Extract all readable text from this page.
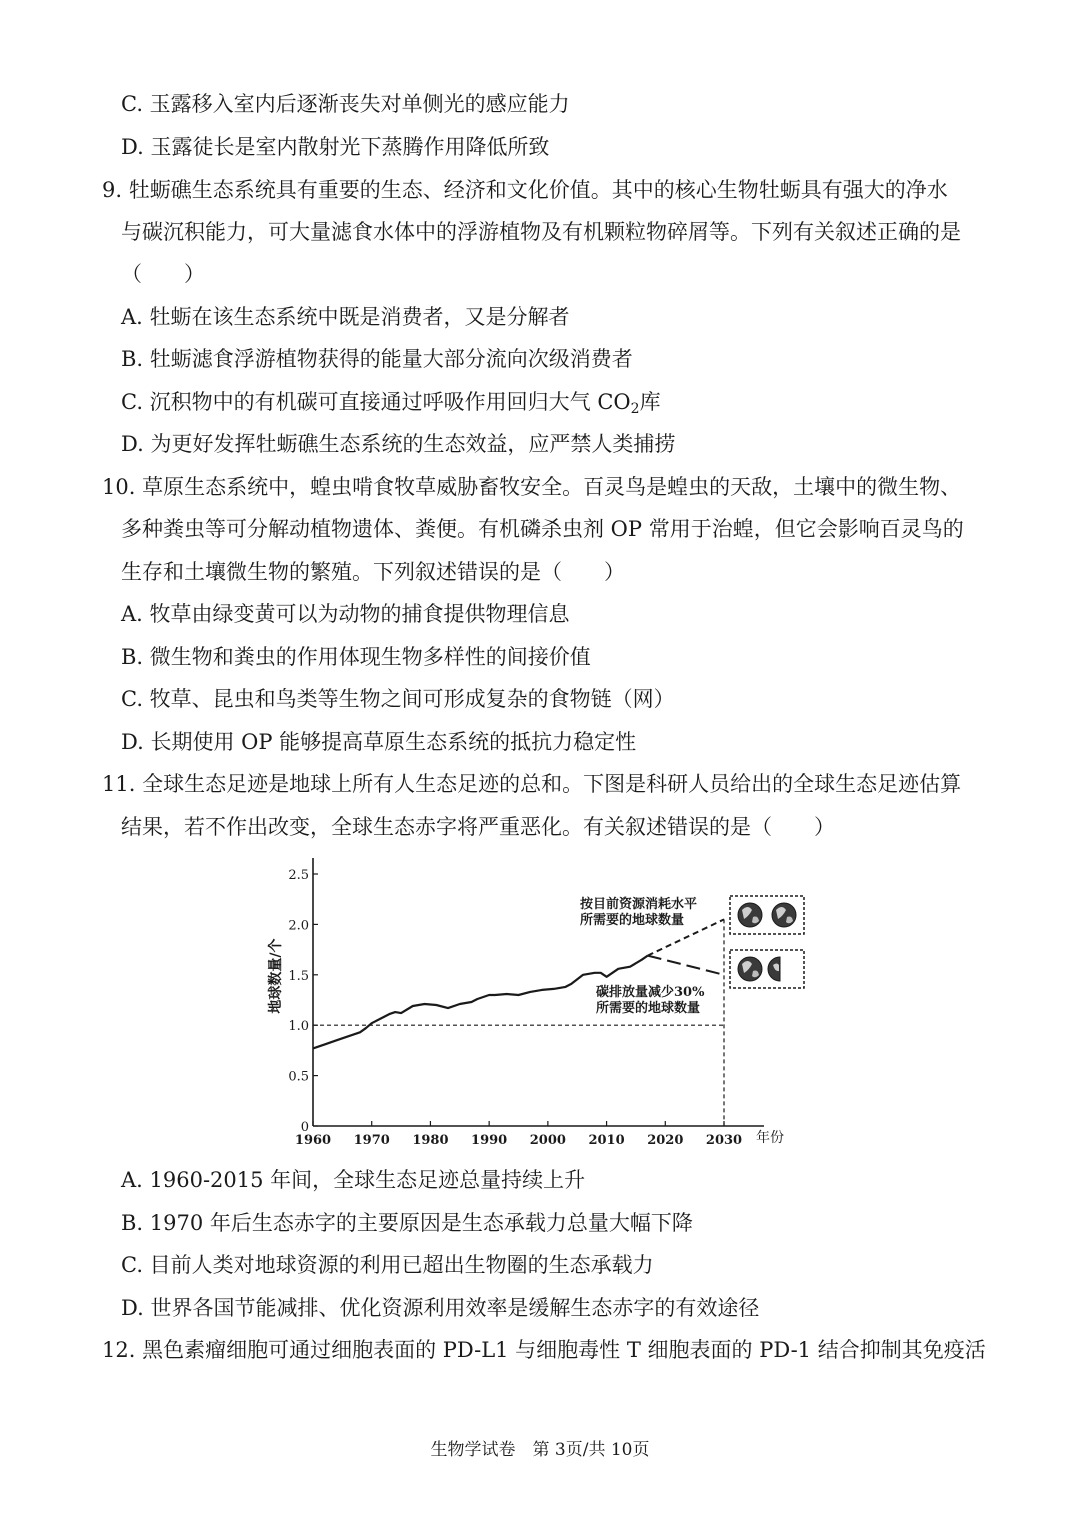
C. 玉露移入室内后逐渐丧失对单侧光的感应能力
D. 玉露徒长是室内散射光下蒸腾作用降低所致
9. 牡蛎礁生态系统具有重要的生态、经济和文化价值。其中的核心生物牡蛎具有强大的净水
与碳沉积能力，可大量滤食水体中的浮游植物及有机颗粒物碎屑等。下列有关叙述正确的是
（　　）
A. 牡蛎在该生态系统中既是消费者，又是分解者
B. 牡蛎滤食浮游植物获得的能量大部分流向次级消费者
C. 沉积物中的有机碳可直接通过呼吸作用回归大气 $CO_2$库
D. 为更好发挥牡蛎礁生态系统的生态效益，应严禁人类捕捞
10. 草原生态系统中，蝗虫啃食牧草威胁畜牧安全。百灵鸟是蝗虫的天敌，土壤中的微生物、
多种粪虫等可分解动植物遗体、粪便。有机磷杀虫剂 OP 常用于治蝗，但它会影响百灵鸟的
生存和土壤微生物的繁殖。下列叙述错误的是（　　）
A. 牧草由绿变黄可以为动物的捕食提供物理信息
B. 微生物和粪虫的作用体现生物多样性的间接价值
C. 牧草、昆虫和鸟类等生物之间可形成复杂的食物链（网）
D. 长期使用 OP 能够提高草原生态系统的抵抗力稳定性
11. 全球生态足迹是地球上所有人生态足迹的总和。下图是科研人员给出的全球生态足迹估算
结果，若不作出改变，全球生态赤字将严重恶化。有关叙述错误的是（　　）
0
0.5
1.0
1.5
2.0
2.5
1960 1970 1980 1990 2000 2010 2020 2030 年份
地球数量/个
按目前资源消耗水平
所需要的地球数量
碳排放量减少30%
所需要的地球数量
A. 1960-2015 年间，全球生态足迹总量持续上升
B. 1970 年后生态赤字的主要原因是生态承载力总量大幅下降
C. 目前人类对地球资源的利用已超出生物圈的生态承载力
D. 世界各国节能减排、优化资源利用效率是缓解生态赤字的有效途径
12. 黑色素瘤细胞可通过细胞表面的 PD-L1 与细胞毒性 T 细胞表面的 PD-1 结合抑制其免疫活
生物学试卷　第 3页/共 10页
